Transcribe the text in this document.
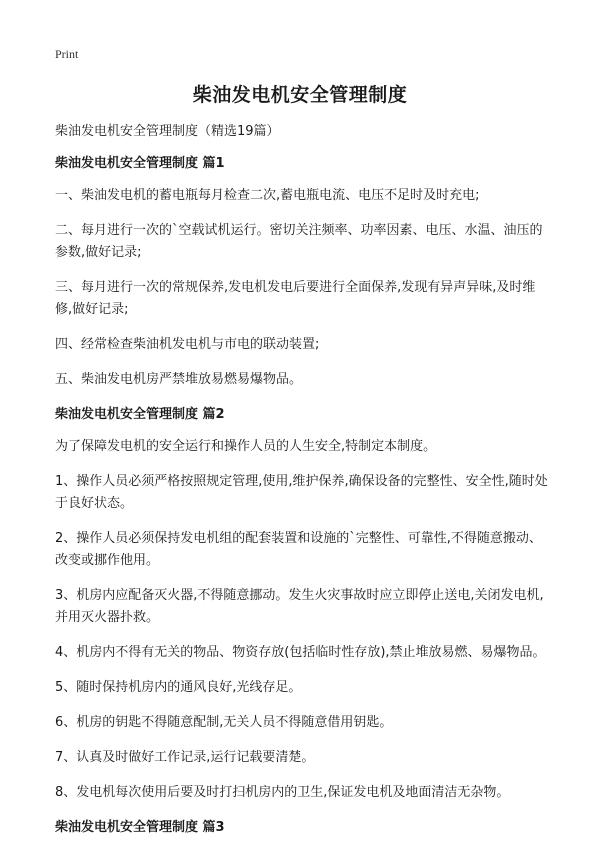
Print
柴油发电机安全管理制度

柴油发电机安全管理制度（精选19篇）

柴油发电机安全管理制度 篇1

一、柴油发电机的蓄电瓶每月检查二次,蓄电瓶电流、电压不足时及时充电;

二、每月进行一次的`空载试机运行。密切关注频率、功率因素、电压、水温、油压的参数,做好记录;

三、每月进行一次的常规保养,发电机发电后要进行全面保养,发现有异声异味,及时维修,做好记录;

四、经常检查柴油机发电机与市电的联动装置;

五、柴油发电机房严禁堆放易燃易爆物品。

柴油发电机安全管理制度 篇2

为了保障发电机的安全运行和操作人员的人生安全,特制定本制度。

1、操作人员必须严格按照规定管理,使用,维护保养,确保设备的完整性、安全性,随时处于良好状态。

2、操作人员必须保持发电机组的配套装置和设施的`完整性、可靠性,不得随意搬动、改变或挪作他用。

3、机房内应配备灭火器,不得随意挪动。发生火灾事故时应立即停止送电,关闭发电机,并用灭火器扑救。

4、机房内不得有无关的物品、物资存放(包括临时性存放),禁止堆放易燃、易爆物品。

5、随时保持机房内的通风良好,光线存足。

6、机房的钥匙不得随意配制,无关人员不得随意借用钥匙。

7、认真及时做好工作记录,运行记载要清楚。

8、发电机每次使用后要及时打扫机房内的卫生,保证发电机及地面清洁无杂物。

柴油发电机安全管理制度 篇3
